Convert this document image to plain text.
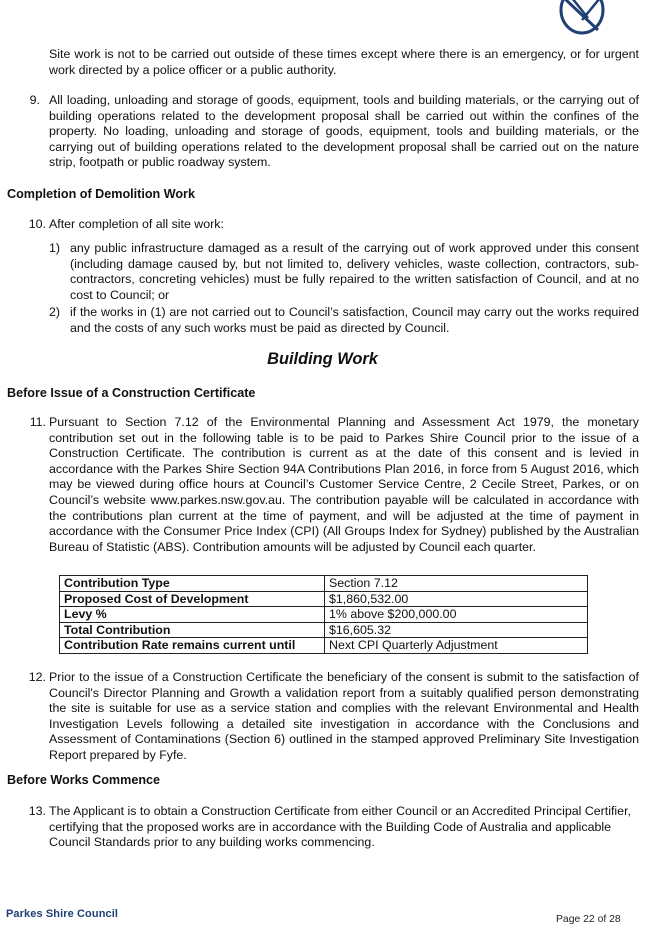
Site work is not to be carried out outside of these times except where there is an emergency, or for urgent work directed by a police officer or a public authority.
9. All loading, unloading and storage of goods, equipment, tools and building materials, or the carrying out of building operations related to the development proposal shall be carried out within the confines of the property. No loading, unloading and storage of goods, equipment, tools and building materials, or the carrying out of building operations related to the development proposal shall be carried out on the nature strip, footpath or public roadway system.
Completion of Demolition Work
10. After completion of all site work:
1) any public infrastructure damaged as a result of the carrying out of work approved under this consent (including damage caused by, but not limited to, delivery vehicles, waste collection, contractors, sub-contractors, concreting vehicles) must be fully repaired to the written satisfaction of Council, and at no cost to Council; or
2) if the works in (1) are not carried out to Council’s satisfaction, Council may carry out the works required and the costs of any such works must be paid as directed by Council.
Building Work
Before Issue of a Construction Certificate
11. Pursuant to Section 7.12 of the Environmental Planning and Assessment Act 1979, the monetary contribution set out in the following table is to be paid to Parkes Shire Council prior to the issue of a Construction Certificate. The contribution is current as at the date of this consent and is levied in accordance with the Parkes Shire Section 94A Contributions Plan 2016, in force from 5 August 2016, which may be viewed during office hours at Council’s Customer Service Centre, 2 Cecile Street, Parkes, or on Council’s website www.parkes.nsw.gov.au. The contribution payable will be calculated in accordance with the contributions plan current at the time of payment, and will be adjusted at the time of payment in accordance with the Consumer Price Index (CPI) (All Groups Index for Sydney) published by the Australian Bureau of Statistic (ABS). Contribution amounts will be adjusted by Council each quarter.
Contribution Type	Section 7.12
Proposed Cost of Development	$1,860,532.00
Levy %	1% above $200,000.00
Total Contribution	$16,605.32
Contribution Rate remains current until	Next CPI Quarterly Adjustment
12. Prior to the issue of a Construction Certificate the beneficiary of the consent is submit to the satisfaction of Council's Director Planning and Growth a validation report from a suitably qualified person demonstrating the site is suitable for use as a service station and complies with the relevant Environmental and Health Investigation Levels following a detailed site investigation in accordance with the Conclusions and Assessment of Contaminations (Section 6) outlined in the stamped approved Preliminary Site Investigation Report prepared by Fyfe.
Before Works Commence
13. The Applicant is to obtain a Construction Certificate from either Council or an Accredited Principal Certifier, certifying that the proposed works are in accordance with the Building Code of Australia and applicable Council Standards prior to any building works commencing.
Parkes Shire Council	Page 22 of 28
